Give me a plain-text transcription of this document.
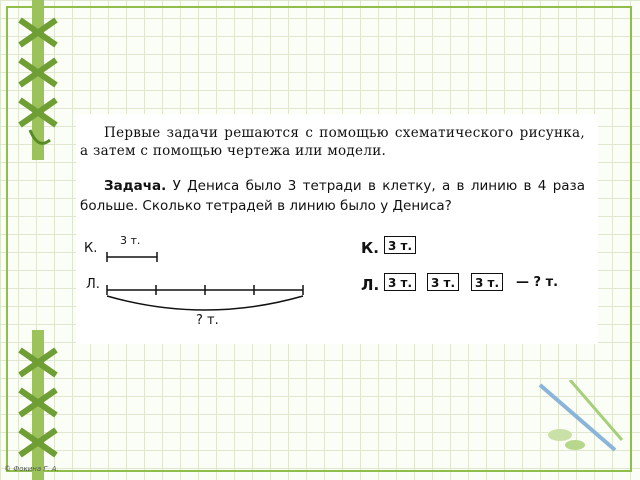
Первые задачи решаются с помощью схематического рисунка, а затем с помощью чертежа или модели.

Задача. У Дениса было 3 тетради в клетку, а в линию в 4 раза больше. Сколько тетрадей в линию было у Дениса?

К.
3 т.
Л.
? т.
К. 3 т.
Л. 3 т.	3 т.	3 т.	— ? т.
© Фокина Г. А.
